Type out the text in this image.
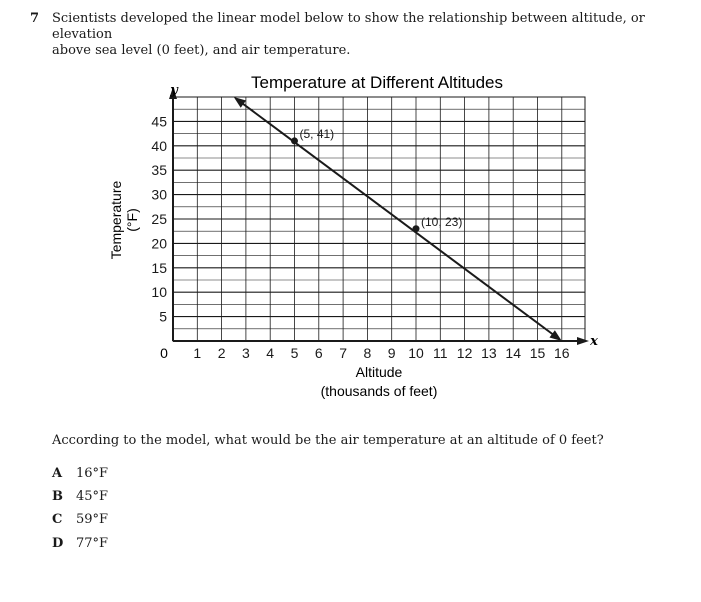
7 Scientists developed the linear model below to show the relationship between altitude, or elevation
above sea level (0 feet), and air temperature.
Temperature at Different Altitudes
1 2 3 4 5 6 7 8 9 10 11 12 13 14 15 16
5
10
15
20
25
30
35
40
45
(5, 41)
(10, 23)
y
x
0
Altitude
(thousands of feet)
Temperature (°F)
According to the model, what would be the air temperature at an altitude of 0 feet?
A 16°F
B 45°F
C 59°F
D 77°F
